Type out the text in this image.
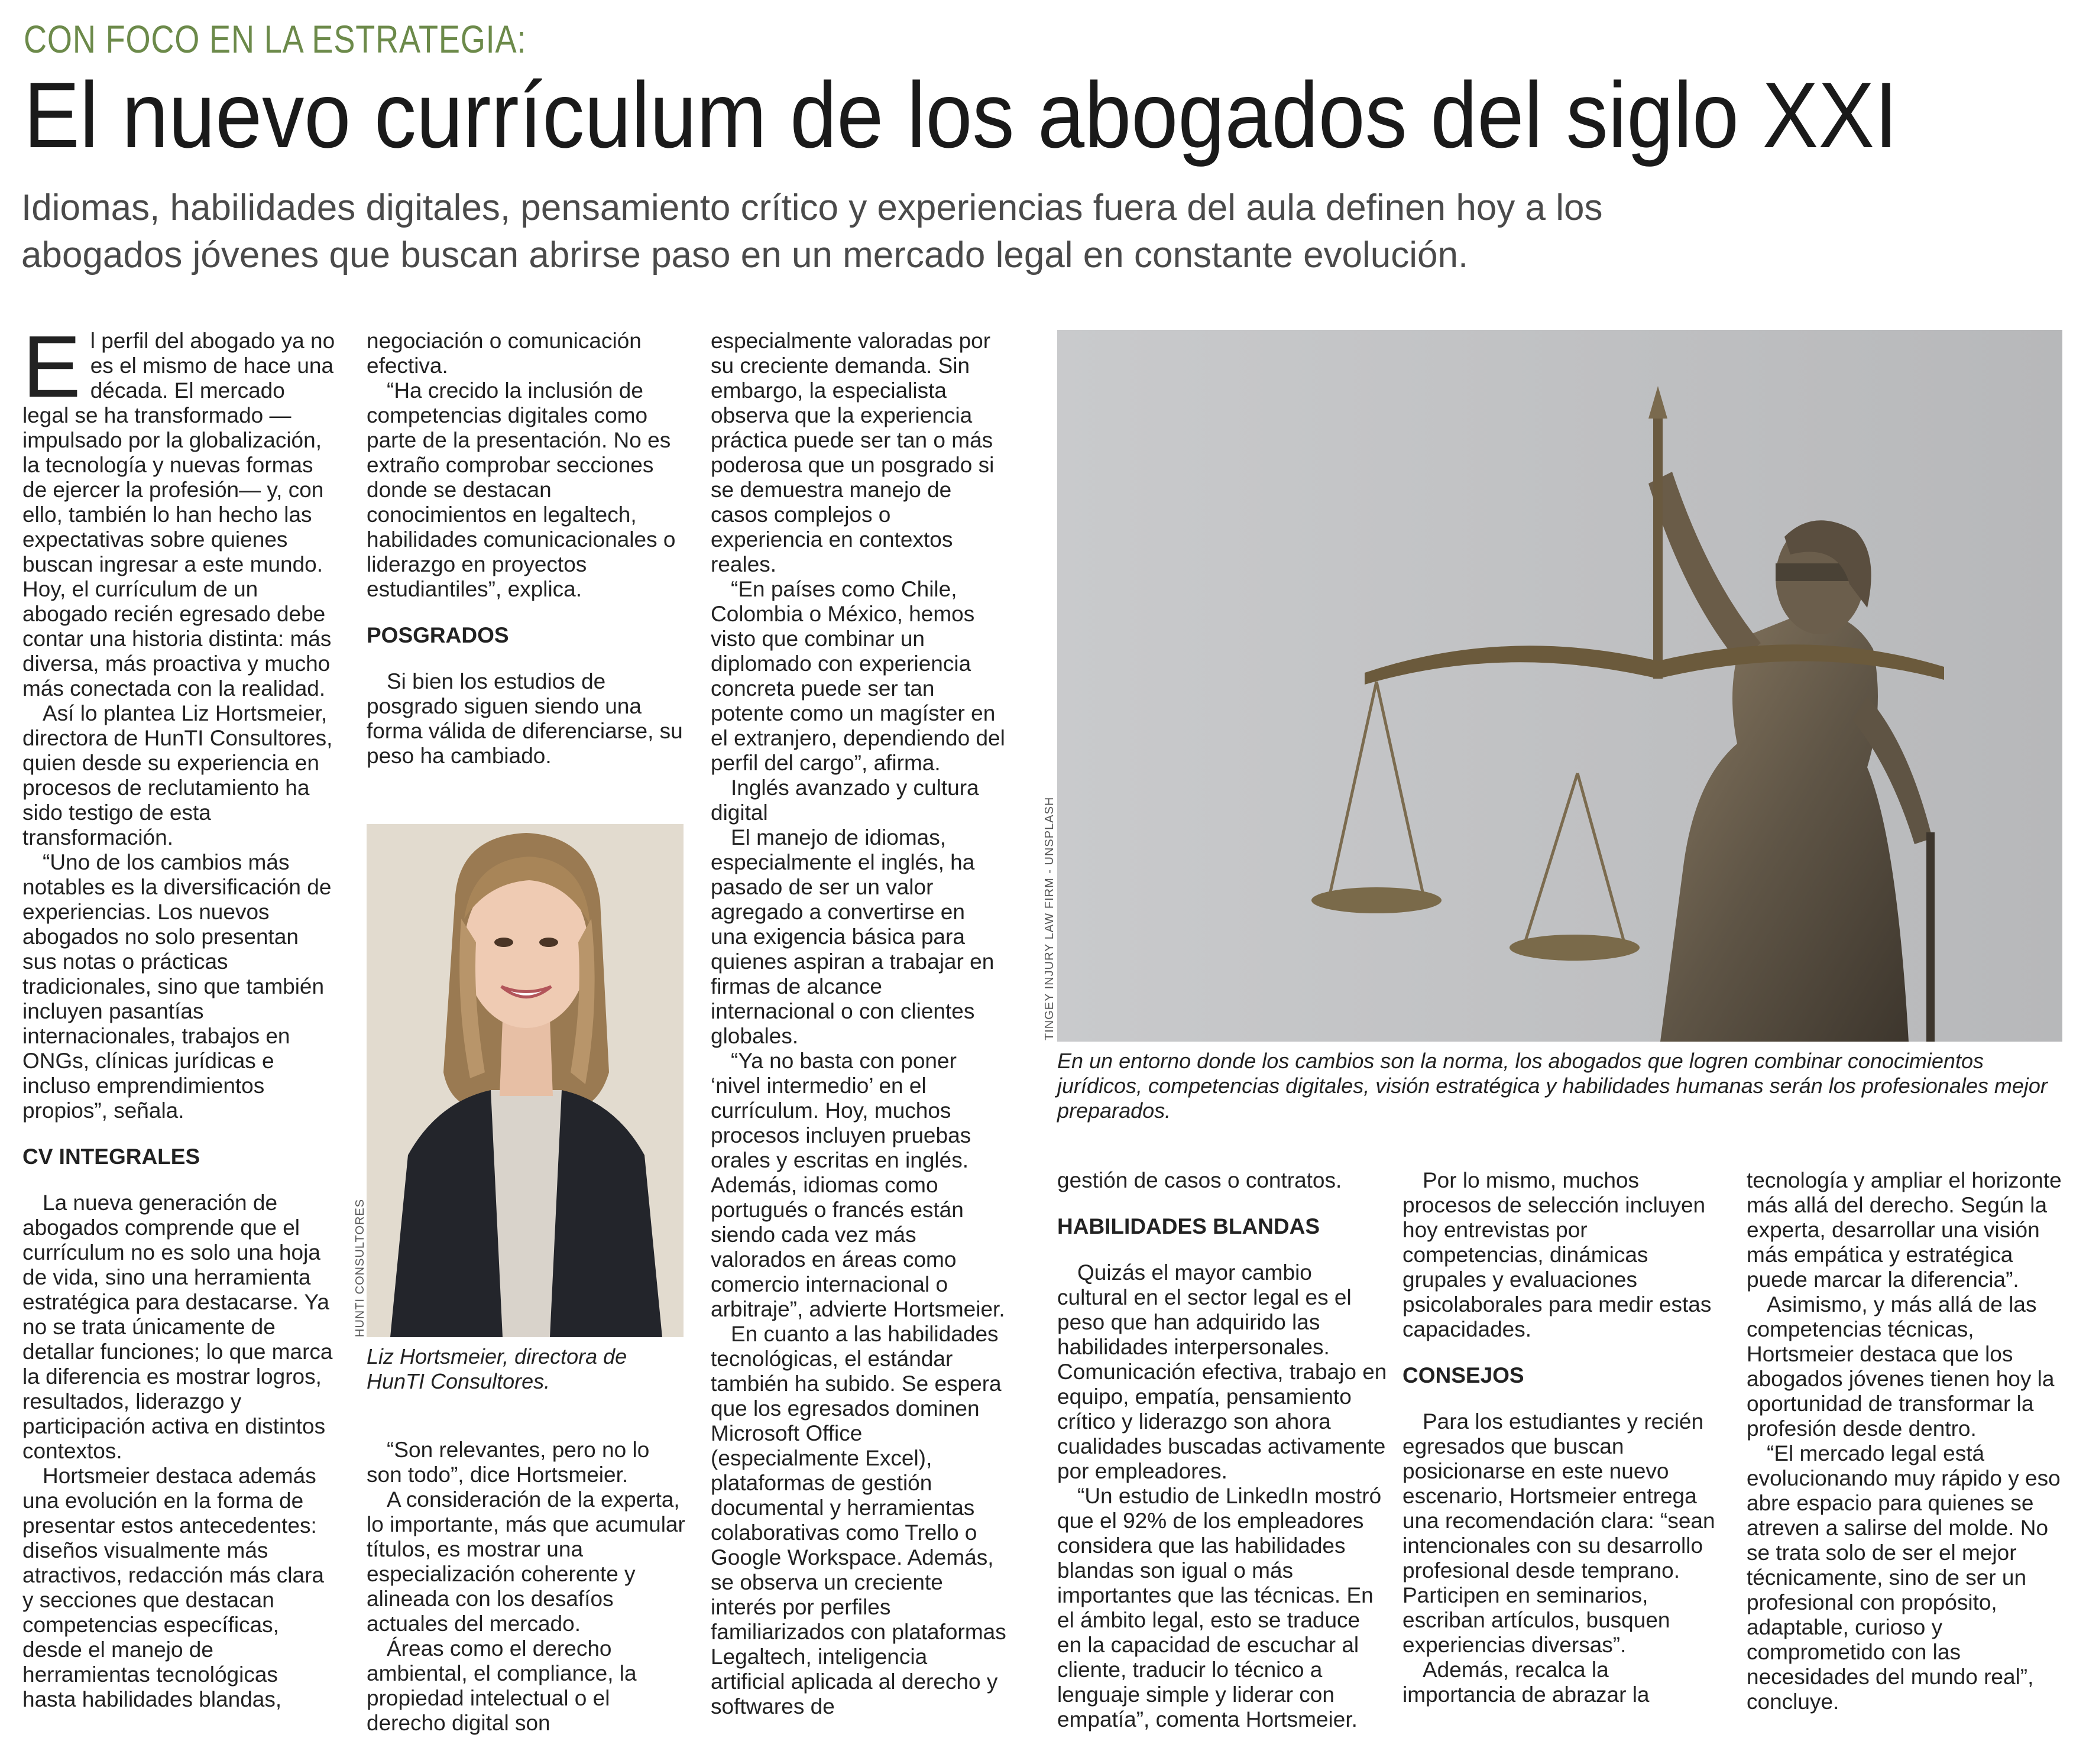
CON FOCO EN LA ESTRATEGIA:
El nuevo currículum de los abogados del siglo XXI
Idiomas, habilidades digitales, pensamiento crítico y experiencias fuera del aula definen hoy a los abogados jóvenes que buscan abrirse paso en un mercado legal en constante evolución.

El perfil del abogado ya no es el mismo de hace una década. El mercado legal se ha transformado —impulsado por la globalización, la tecnología y nuevas formas de ejercer la profesión— y, con ello, también lo han hecho las expectativas sobre quienes buscan ingresar a este mundo. Hoy, el currículum de un abogado recién egresado debe contar una historia distinta: más diversa, más proactiva y mucho más conectada con la realidad.

Así lo plantea Liz Hortsmeier, directora de HunTI Consultores, quien desde su experiencia en procesos de reclutamiento ha sido testigo de esta transformación.

“Uno de los cambios más notables es la diversificación de experiencias. Los nuevos abogados no solo presentan sus notas o prácticas tradicionales, sino que también incluyen pasantías internacionales, trabajos en ONGs, clínicas jurídicas e incluso emprendimientos propios”, señala.

CV INTEGRALES

La nueva generación de abogados comprende que el currículum no es solo una hoja de vida, sino una herramienta estratégica para destacarse. Ya no se trata únicamente de detallar funciones; lo que marca la diferencia es mostrar logros, resultados, liderazgo y participación activa en distintos contextos.

Hortsmeier destaca además una evolución en la forma de presentar estos antecedentes: diseños visualmente más atractivos, redacción más clara y secciones que destacan competencias específicas, desde el manejo de herramientas tecnológicas hasta habilidades blandas,

negociación o comunicación efectiva.

“Ha crecido la inclusión de competencias digitales como parte de la presentación. No es extraño comprobar secciones donde se destacan conocimientos en legaltech, habilidades comunicacionales o liderazgo en proyectos estudiantiles”, explica.

POSGRADOS

Si bien los estudios de posgrado siguen siendo una forma válida de diferenciarse, su peso ha cambiado.

HUNTI CONSULTORES
Liz Hortsmeier, directora de HunTI Consultores.

“Son relevantes, pero no lo son todo”, dice Hortsmeier.

A consideración de la experta, lo importante, más que acumular títulos, es mostrar una especialización coherente y alineada con los desafíos actuales del mercado.

Áreas como el derecho ambiental, el compliance, la propiedad intelectual o el derecho digital son

especialmente valoradas por su creciente demanda. Sin embargo, la especialista observa que la experiencia práctica puede ser tan o más poderosa que un posgrado si se demuestra manejo de casos complejos o experiencia en contextos reales.

“En países como Chile, Colombia o México, hemos visto que combinar un diplomado con experiencia concreta puede ser tan potente como un magíster en el extranjero, dependiendo del perfil del cargo”, afirma.

Inglés avanzado y cultura digital

El manejo de idiomas, especialmente el inglés, ha pasado de ser un valor agregado a convertirse en una exigencia básica para quienes aspiran a trabajar en firmas de alcance internacional o con clientes globales.

“Ya no basta con poner ‘nivel intermedio’ en el currículum. Hoy, muchos procesos incluyen pruebas orales y escritas en inglés. Además, idiomas como portugués o francés están siendo cada vez más valorados en áreas como comercio internacional o arbitraje”, advierte Hortsmeier.

En cuanto a las habilidades tecnológicas, el estándar también ha subido. Se espera que los egresados dominen Microsoft Office (especialmente Excel), plataformas de gestión documental y herramientas colaborativas como Trello o Google Workspace. Además, se observa un creciente interés por perfiles familiarizados con plataformas Legaltech, inteligencia artificial aplicada al derecho y softwares de

TINGEY INJURY LAW FIRM - UNSPLASH
En un entorno donde los cambios son la norma, los abogados que logren combinar conocimientos jurídicos, competencias digitales, visión estratégica y habilidades humanas serán los profesionales mejor preparados.

gestión de casos o contratos.

HABILIDADES BLANDAS

Quizás el mayor cambio cultural en el sector legal es el peso que han adquirido las habilidades interpersonales. Comunicación efectiva, trabajo en equipo, empatía, pensamiento crítico y liderazgo son ahora cualidades buscadas activamente por empleadores.

“Un estudio de LinkedIn mostró que el 92% de los empleadores considera que las habilidades blandas son igual o más importantes que las técnicas. En el ámbito legal, esto se traduce en la capacidad de escuchar al cliente, traducir lo técnico a lenguaje simple y liderar con empatía”, comenta Hortsmeier.

Por lo mismo, muchos procesos de selección incluyen hoy entrevistas por competencias, dinámicas grupales y evaluaciones psicolaborales para medir estas capacidades.

CONSEJOS

Para los estudiantes y recién egresados que buscan posicionarse en este nuevo escenario, Hortsmeier entrega una recomendación clara: “sean intencionales con su desarrollo profesional desde temprano. Participen en seminarios, escriban artículos, busquen experiencias diversas”.

Además, recalca la importancia de abrazar la

tecnología y ampliar el horizonte más allá del derecho. Según la experta, desarrollar una visión más empática y estratégica puede marcar la diferencia”.

Asimismo, y más allá de las competencias técnicas, Hortsmeier destaca que los abogados jóvenes tienen hoy la oportunidad de transformar la profesión desde dentro.

“El mercado legal está evolucionando muy rápido y eso abre espacio para quienes se atreven a salirse del molde. No se trata solo de ser el mejor técnicamente, sino de ser un profesional con propósito, adaptable, curioso y comprometido con las necesidades del mundo real”, concluye.
